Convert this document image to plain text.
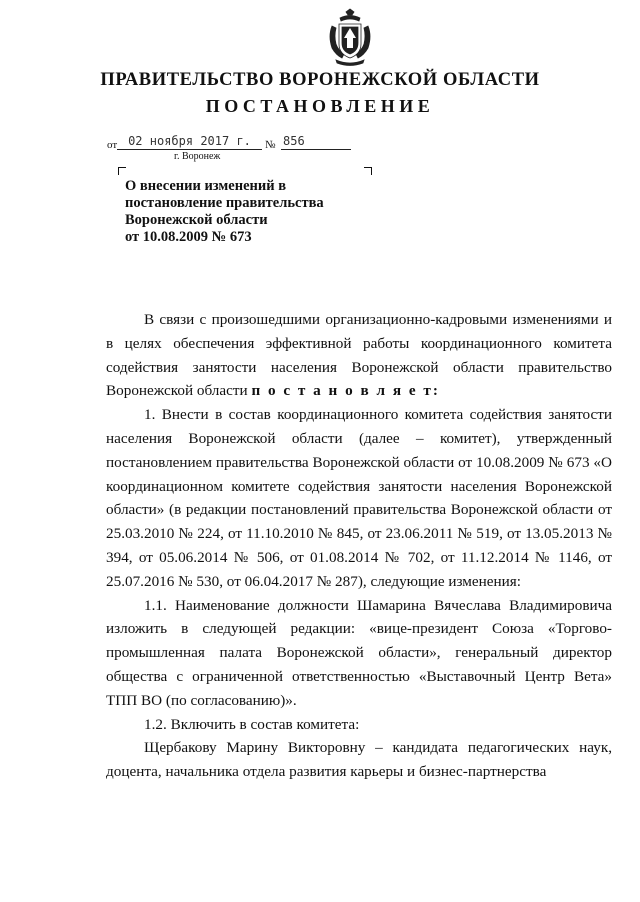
ПРАВИТЕЛЬСТВО ВОРОНЕЖСКОЙ ОБЛАСТИ
ПОСТАНОВЛЕНИЕ
от 02 ноября 2017 г.	№ 856
г. Воронеж
О внесении изменений в
постановление правительства
Воронежской области
от 10.08.2009 № 673

В связи с произошедшими организационно-кадровыми изменениями и в целях обеспечения эффективной работы координационного комитета содействия занятости населения Воронежской области правительство Воронежской области п о с т а н о в л я е т:

1. Внести в состав координационного комитета содействия занятости населения Воронежской области (далее – комитет), утвержденный постановлением правительства Воронежской области от 10.08.2009 № 673 «О координационном комитете содействия занятости населения Воронежской области» (в редакции постановлений правительства Воронежской области от 25.03.2010 № 224, от 11.10.2010 № 845, от 23.06.2011 № 519, от 13.05.2013 № 394, от 05.06.2014 № 506, от 01.08.2014 № 702, от 11.12.2014 № 1146, от 25.07.2016 № 530, от 06.04.2017 № 287), следующие изменения:

1.1. Наименование должности Шамарина Вячеслава Владимировича изложить в следующей редакции: «вице-президент Союза «Торгово-промышленная палата Воронежской области», генеральный директор общества с ограниченной ответственностью «Выставочный Центр Вета» ТПП ВО (по согласованию)».

1.2. Включить в состав комитета:

Щербакову Марину Викторовну – кандидата педагогических наук, доцента, начальника отдела развития карьеры и бизнес-партнерства
